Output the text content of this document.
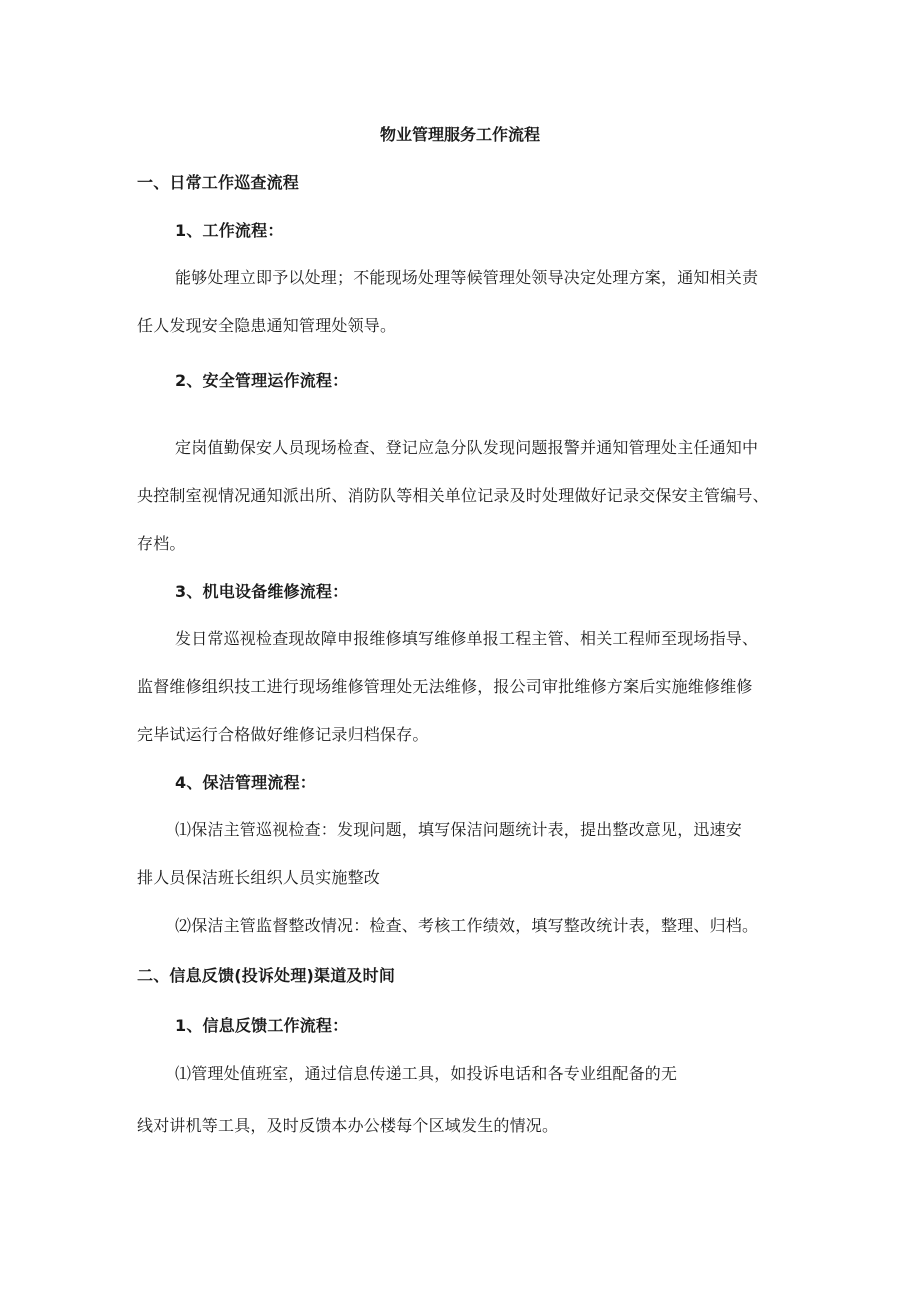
物业管理服务工作流程
一、日常工作巡查流程
1、工作流程：
能够处理立即予以处理；不能现场处理等候管理处领导决定处理方案，通知相关责
任人发现安全隐患通知管理处领导。
2、安全管理运作流程：
定岗值勤保安人员现场检查、登记应急分队发现问题报警并通知管理处主任通知中
央控制室视情况通知派出所、消防队等相关单位记录及时处理做好记录交保安主管编号、
存档。
3、机电设备维修流程：
发日常巡视检查现故障申报维修填写维修单报工程主管、相关工程师至现场指导、
监督维修组织技工进行现场维修管理处无法维修，报公司审批维修方案后实施维修维修
完毕试运行合格做好维修记录归档保存。
4、保洁管理流程：
⑴保洁主管巡视检查：发现问题，填写保洁问题统计表，提出整改意见，迅速安
排人员保洁班长组织人员实施整改
⑵保洁主管监督整改情况：检查、考核工作绩效，填写整改统计表，整理、归档。
二、信息反馈(投诉处理)渠道及时间
1、信息反馈工作流程：
⑴管理处值班室，通过信息传递工具，如投诉电话和各专业组配备的无
线对讲机等工具，及时反馈本办公楼每个区域发生的情况。
